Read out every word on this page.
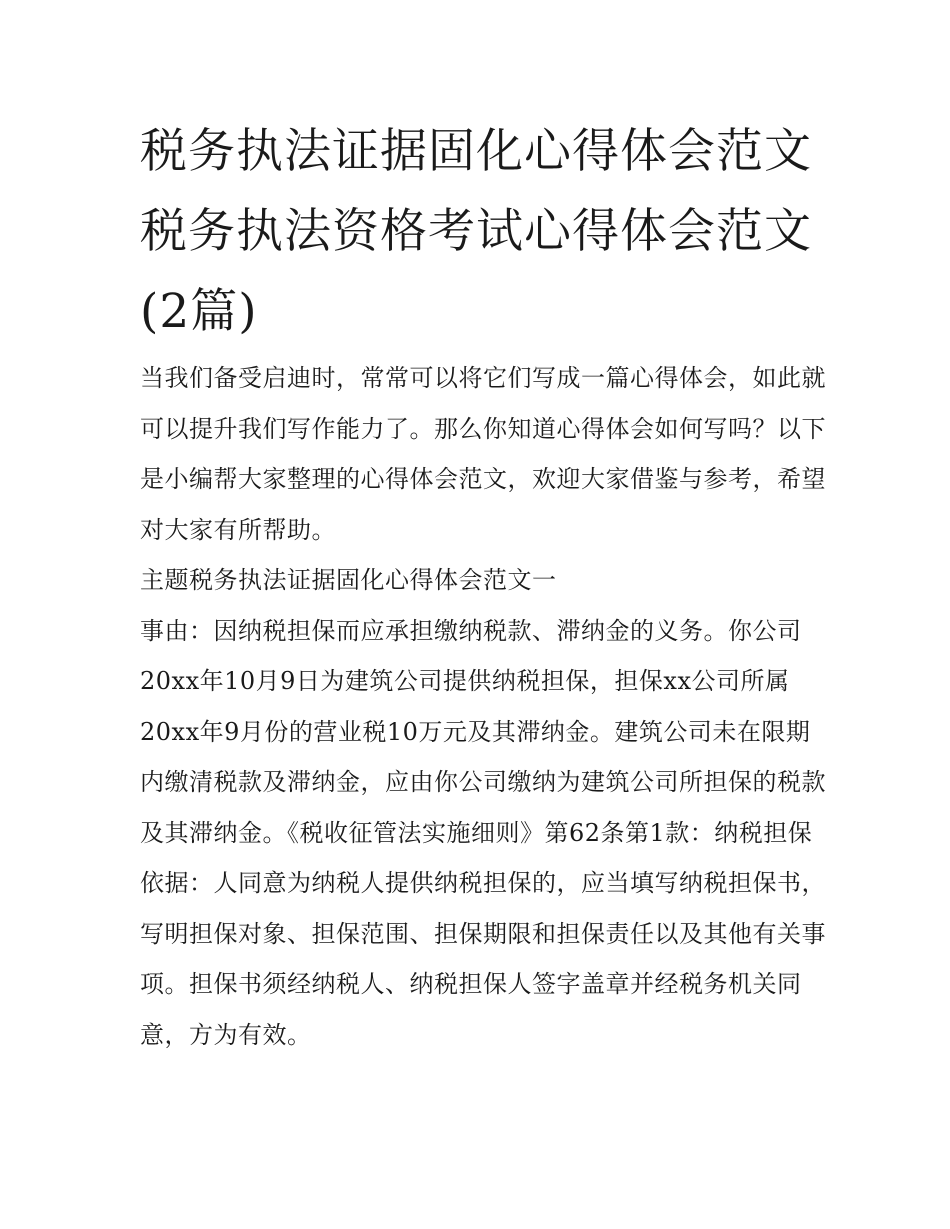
税务执法证据固化心得体会范文 税务执法资格考试心得体会范文(2篇)

当我们备受启迪时，常常可以将它们写成一篇心得体会，如此就可以提升我们写作能力了。那么你知道心得体会如何写吗？以下是小编帮大家整理的心得体会范文，欢迎大家借鉴与参考，希望对大家有所帮助。

主题税务执法证据固化心得体会范文一

事由：因纳税担保而应承担缴纳税款、滞纳金的义务。你公司20xx年10月9日为建筑公司提供纳税担保，担保xx公司所属20xx年9月份的营业税10万元及其滞纳金。建筑公司未在限期内缴清税款及滞纳金，应由你公司缴纳为建筑公司所担保的税款及其滞纳金。《税收征管法实施细则》第62条第1款：纳税担保

依据：人同意为纳税人提供纳税担保的，应当填写纳税担保书，写明担保对象、担保范围、担保期限和担保责任以及其他有关事项。担保书须经纳税人、纳税担保人签字盖章并经税务机关同意，方为有效。
